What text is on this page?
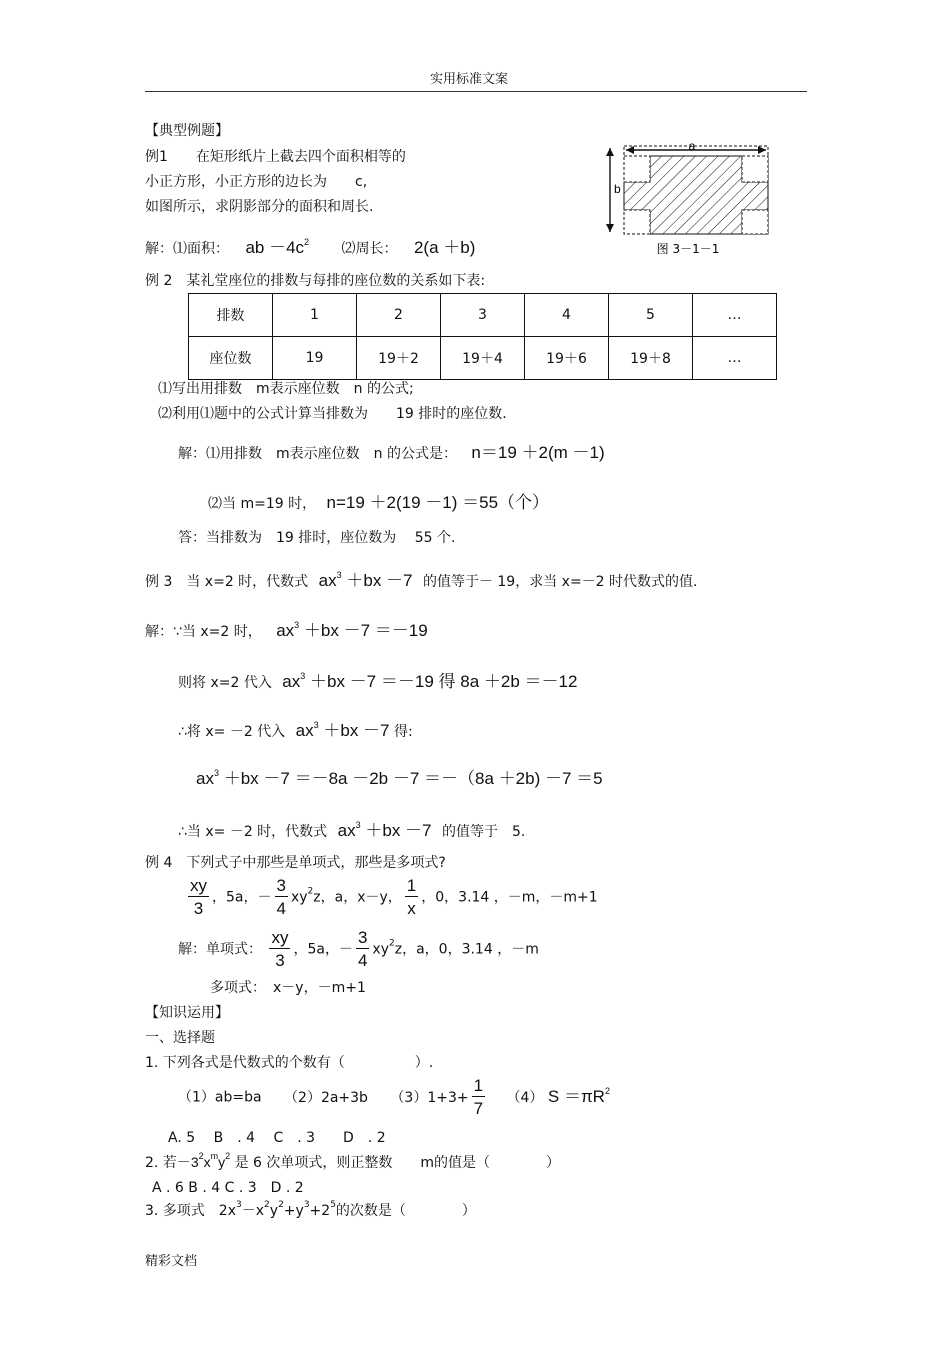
实用标准文案
【典型例题】
例1　　在矩形纸片上截去四个面积相等的
小正方形，小正方形的边长为　　c,
如图所示，求阴影部分的面积和周长.
解：⑴面积： ab $-4c^2$ ⑵周长： 2(a ＋b)
a
b
图 3－1－1
例 2　某礼堂座位的排数与每排的座位数的关系如下表:
排数	1	2	3	4	5	…
座位数	19	19＋2	19＋4	19＋6	19＋8	…
⑴写出用排数　m表示座位数　n 的公式;
⑵利用⑴题中的公式计算当排数为　　19 排时的座位数.
解：⑴用排数　m表示座位数　n 的公式是： n＝19 ＋2(m －1)
⑵当 m=19 时， n=19 ＋2(19 －1) ＝55（个）
答：当排数为　19 排时，座位数为　 55 个.
例 3　当 x=2 时，代数式 $ax^3 +bx -7$ 的值等于－ 19，求当 x=－2 时代数式的值.
解：∵当 x=2 时， $ax^3 +bx -7 =-19$
则将 x=2 代入 $ax^3 +bx -7 =-19$ 得 8a ＋2b ＝－12
∴将 x= －2 代入 $ax^3 +bx -7$ 得:
$ax^3 +bx -7 =-8a -2b -7 =-(8a +2b) -7 =5$
∴当 x= －2 时，代数式 $ax^3 +bx -7$ 的值等于　5.
例 4　下列式子中那些是单项式，那些是多项式?
$\frac{xy}{3}$ ，5a，－ $\frac{3}{4} xy^2z$，a，x－y， $\frac{1}{x}$ ，0，3.14 ，－m，－m+1
解：单项式： $\frac{xy}{3}$ ，5a，－ $\frac{3}{4} xy^2z$，a，0，3.14 ，－m
多项式：　x－y，－m+1
【知识运用】
一、选择题
1. 下列各式是代数式的个数有（　　　　　）.
（1）ab=ba （2）2a+3b $(3)1+3+ \frac{1}{7} (4)$ $S =\pi R^2$
A. 5　 B　. 4　 C　. 3　　D　. 2
2. 若$-3^2x^my^2$ 是 6 次单项式，则正整数　　m的值是（　　　　）
A . 6 B . 4 C . 3　D . 2
3. 多项式　$2x^3-x^2y^2+y^3+2^5$的次数是（　　　　）
精彩文档
